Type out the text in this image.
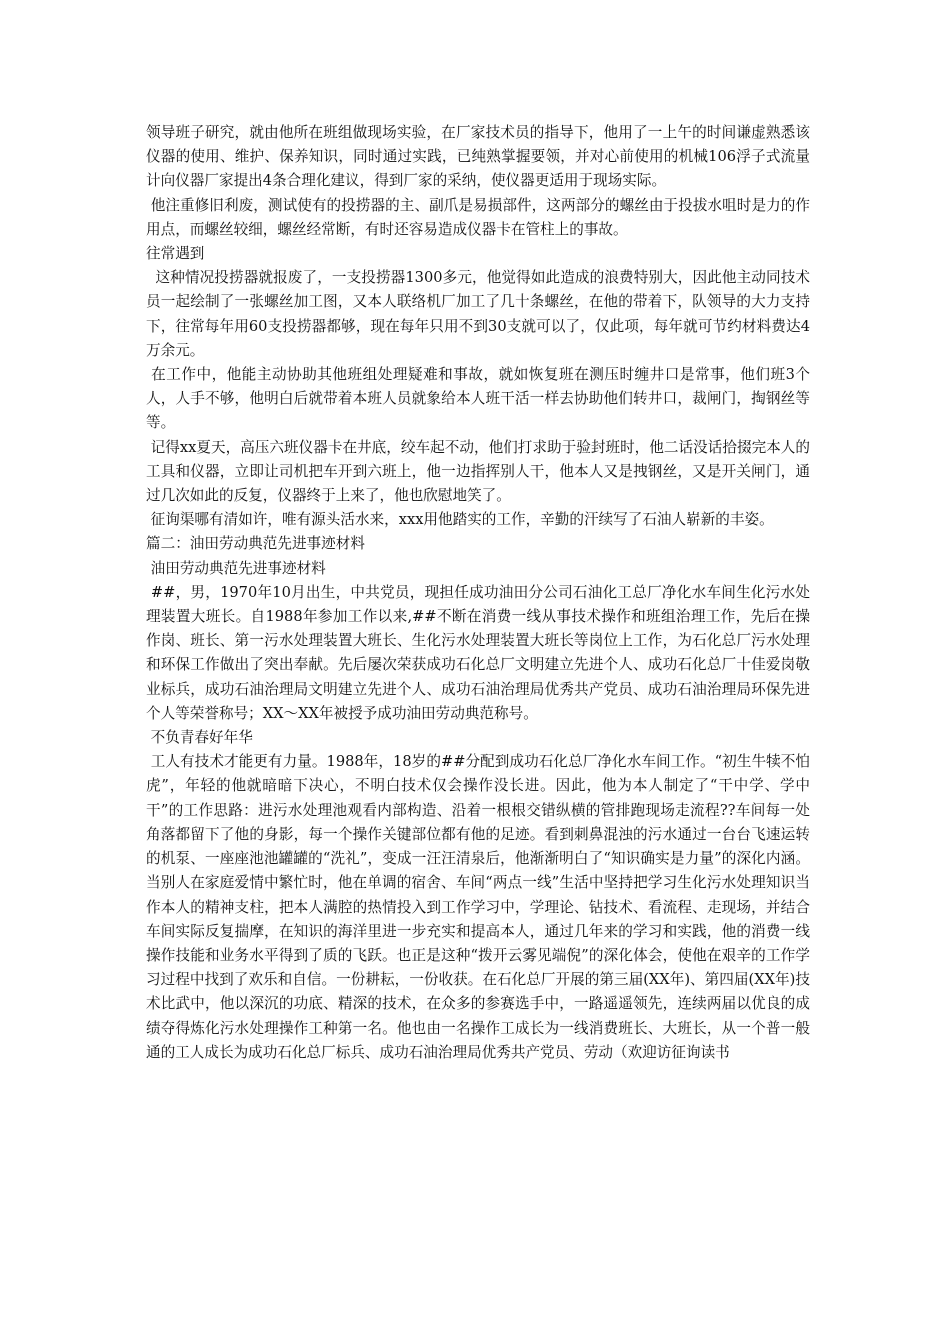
领导班子研究，就由他所在班组做现场实验，在厂家技术员的指导下，他用了一上午的时间谦虚熟悉该仪器的使用、维护、保养知识，同时通过实践，已纯熟掌握要领，并对心前使用的机械106浮子式流量计向仪器厂家提出4条合理化建议，得到厂家的采纳，使仪器更适用于现场实际。

他注重修旧利废，测试使有的投捞器的主、副爪是易损部件，这两部分的螺丝由于投拔水咀时是力的作用点，而螺丝较细，螺丝经常断，有时还容易造成仪器卡在管柱上的事故。

往常遇到

这种情况投捞器就报废了，一支投捞器1300多元，他觉得如此造成的浪费特别大，因此他主动同技术员一起绘制了一张螺丝加工图，又本人联络机厂加工了几十条螺丝，在他的带着下，队领导的大力支持下，往常每年用60支投捞器都够，现在每年只用不到30支就可以了，仅此项，每年就可节约材料费达4万余元。

在工作中，他能主动协助其他班组处理疑难和事故，就如恢复班在测压时缠井口是常事，他们班3个人，人手不够，他明白后就带着本班人员就象给本人班干活一样去协助他们转井口，裁闸门，掏钢丝等等。

记得xx夏天，高压六班仪器卡在井底，绞车起不动，他们打求助于验封班时，他二话没话拾掇完本人的工具和仪器，立即让司机把车开到六班上，他一边指挥别人干，他本人又是拽钢丝，又是开关闸门，通过几次如此的反复，仪器终于上来了，他也欣慰地笑了。

征询渠哪有清如许，唯有源头活水来，xxx用他踏实的工作，辛勤的汗续写了石油人崭新的丰姿。

篇二：油田劳动典范先进事迹材料

油田劳动典范先进事迹材料

##，男，1970年10月出生，中共党员，现担任成功油田分公司石油化工总厂净化水车间生化污水处理装置大班长。自1988年参加工作以来,##不断在消费一线从事技术操作和班组治理工作，先后在操作岗、班长、第一污水处理装置大班长、生化污水处理装置大班长等岗位上工作，为石化总厂污水处理和环保工作做出了突出奉献。先后屡次荣获成功石化总厂文明建立先进个人、成功石化总厂十佳爱岗敬业标兵，成功石油治理局文明建立先进个人、成功石油治理局优秀共产党员、成功石油治理局环保先进个人等荣誉称号；XX～XX年被授予成功油田劳动典范称号。

不负青春好年华

工人有技术才能更有力量。1988年，18岁的##分配到成功石化总厂净化水车间工作。“初生牛犊不怕虎”，年轻的他就暗暗下决心，不明白技术仅会操作没长进。因此，他为本人制定了“干中学、学中干”的工作思路：进污水处理池观看内部构造、沿着一根根交错纵横的管排跑现场走流程??车间每一处角落都留下了他的身影，每一个操作关键部位都有他的足迹。看到刺鼻混浊的污水通过一台台飞速运转的机泵、一座座池池罐罐的“洗礼”，变成一汪汪清泉后，他渐渐明白了“知识确实是力量”的深化内涵。当别人在家庭爱情中繁忙时，他在单调的宿舍、车间“两点一线”生活中坚持把学习生化污水处理知识当作本人的精神支柱，把本人满腔的热情投入到工作学习中，学理论、钻技术、看流程、走现场，并结合车间实际反复揣摩，在知识的海洋里进一步充实和提高本人，通过几年来的学习和实践，他的消费一线操作技能和业务水平得到了质的飞跃。也正是这种“拨开云雾见端倪”的深化体会，使他在艰辛的工作学习过程中找到了欢乐和自信。一份耕耘，一份收获。在石化总厂开展的第三届(XX年)、第四届(XX年)技术比武中，他以深沉的功底、精深的技术，在众多的参赛选手中，一路遥遥领先，连续两届以优良的成绩夺得炼化污水处理操作工种第一名。他也由一名操作工成长为一线消费班长、大班长，从一个普一般通的工人成长为成功石化总厂标兵、成功石油治理局优秀共产党员、劳动（欢迎访征询读书
